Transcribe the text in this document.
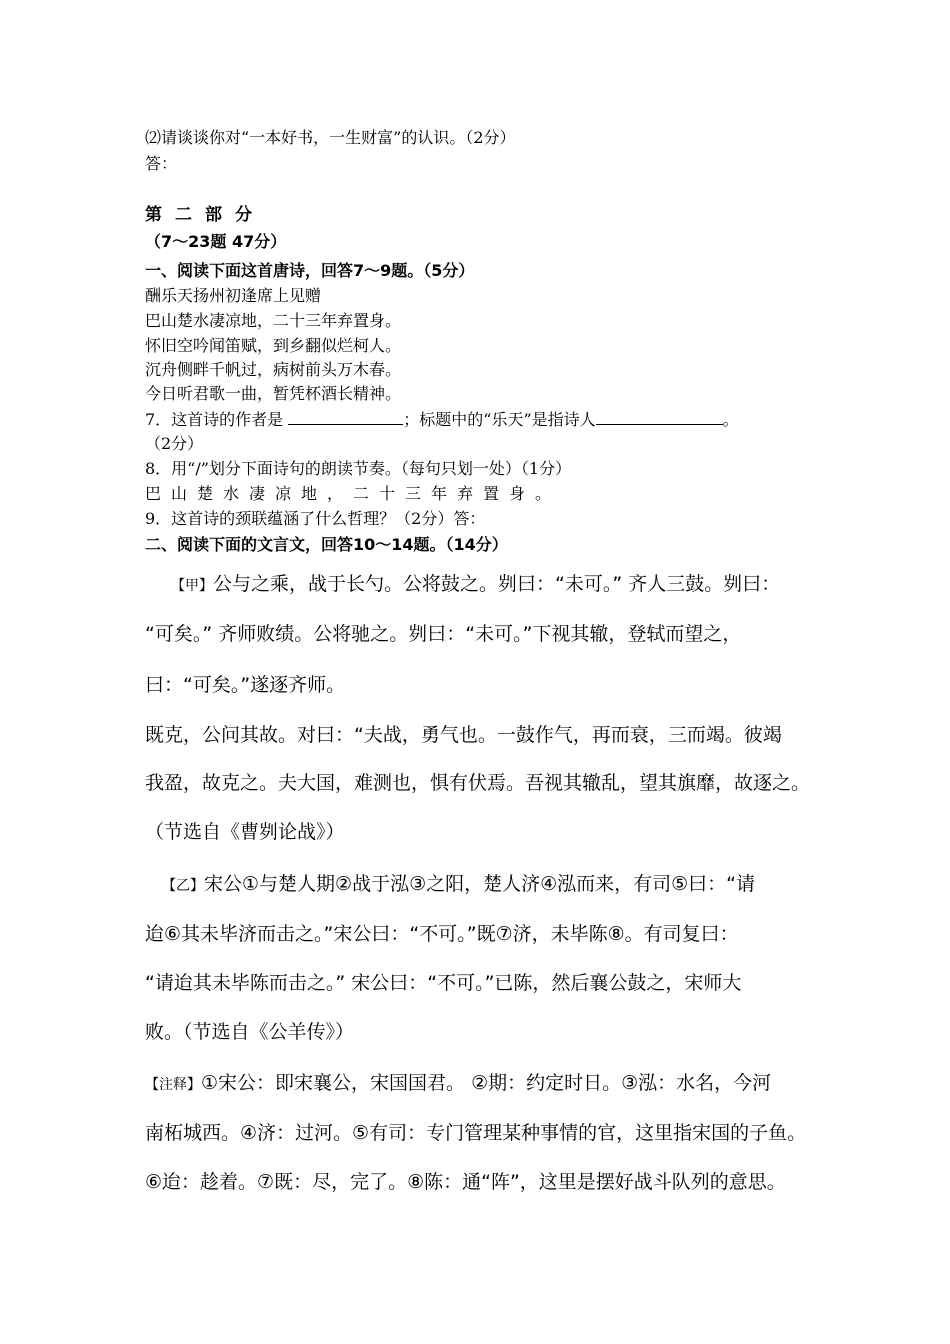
⑵请谈谈你对“一本好书，一生财富”的认识。（2分）
答：
第二部分
（7～23题 47分）
一、阅读下面这首唐诗，回答7～9题。（5分）
酬乐天扬州初逢席上见赠
巴山楚水凄凉地，二十三年弃置身。
怀旧空吟闻笛赋，到乡翻似烂柯人。
沉舟侧畔千帆过，病树前头万木春。
今日听君歌一曲，暂凭杯酒长精神。
7．这首诗的作者是	；标题中的“乐天”是指诗人	。
（2分）
8．用“/”划分下面诗句的朗读节奏。（每句只划一处）（1分）
巴山楚水凄凉地，二十三年弃置身。
9．这首诗的颈联蕴涵了什么哲理？（2分）答：
二、阅读下面的文言文，回答10～14题。（14分）
【甲】公与之乘，战于长勺。公将鼓之。刿曰：“未可。” 齐人三鼓。刿曰：
“可矣。” 齐师败绩。公将驰之。刿曰：“未可。”下视其辙，登轼而望之，
曰：“可矣。”遂逐齐师。
既克，公问其故。对曰：“夫战，勇气也。一鼓作气，再而衰，三而竭。彼竭
我盈，故克之。夫大国，难测也，惧有伏焉。吾视其辙乱，望其旗靡，故逐之。
（节选自《曹刿论战》）
【乙】宋公①与楚人期②战于泓③之阳，楚人济④泓而来，有司⑤曰：“请
迨⑥其未毕济而击之。”宋公曰：“不可。”既⑦济，未毕陈⑧。有司复曰：
“请迨其未毕陈而击之。” 宋公曰：“不可。”已陈，然后襄公鼓之，宋师大
败。（节选自《公羊传》）
【注释】①宋公：即宋襄公，宋国国君。 ②期：约定时日。③泓：水名，今河
南柘城西。④济：过河。⑤有司：专门管理某种事情的官，这里指宋国的子鱼。
⑥迨：趁着。⑦既：尽，完了。⑧陈：通“阵”，这里是摆好战斗队列的意思。
